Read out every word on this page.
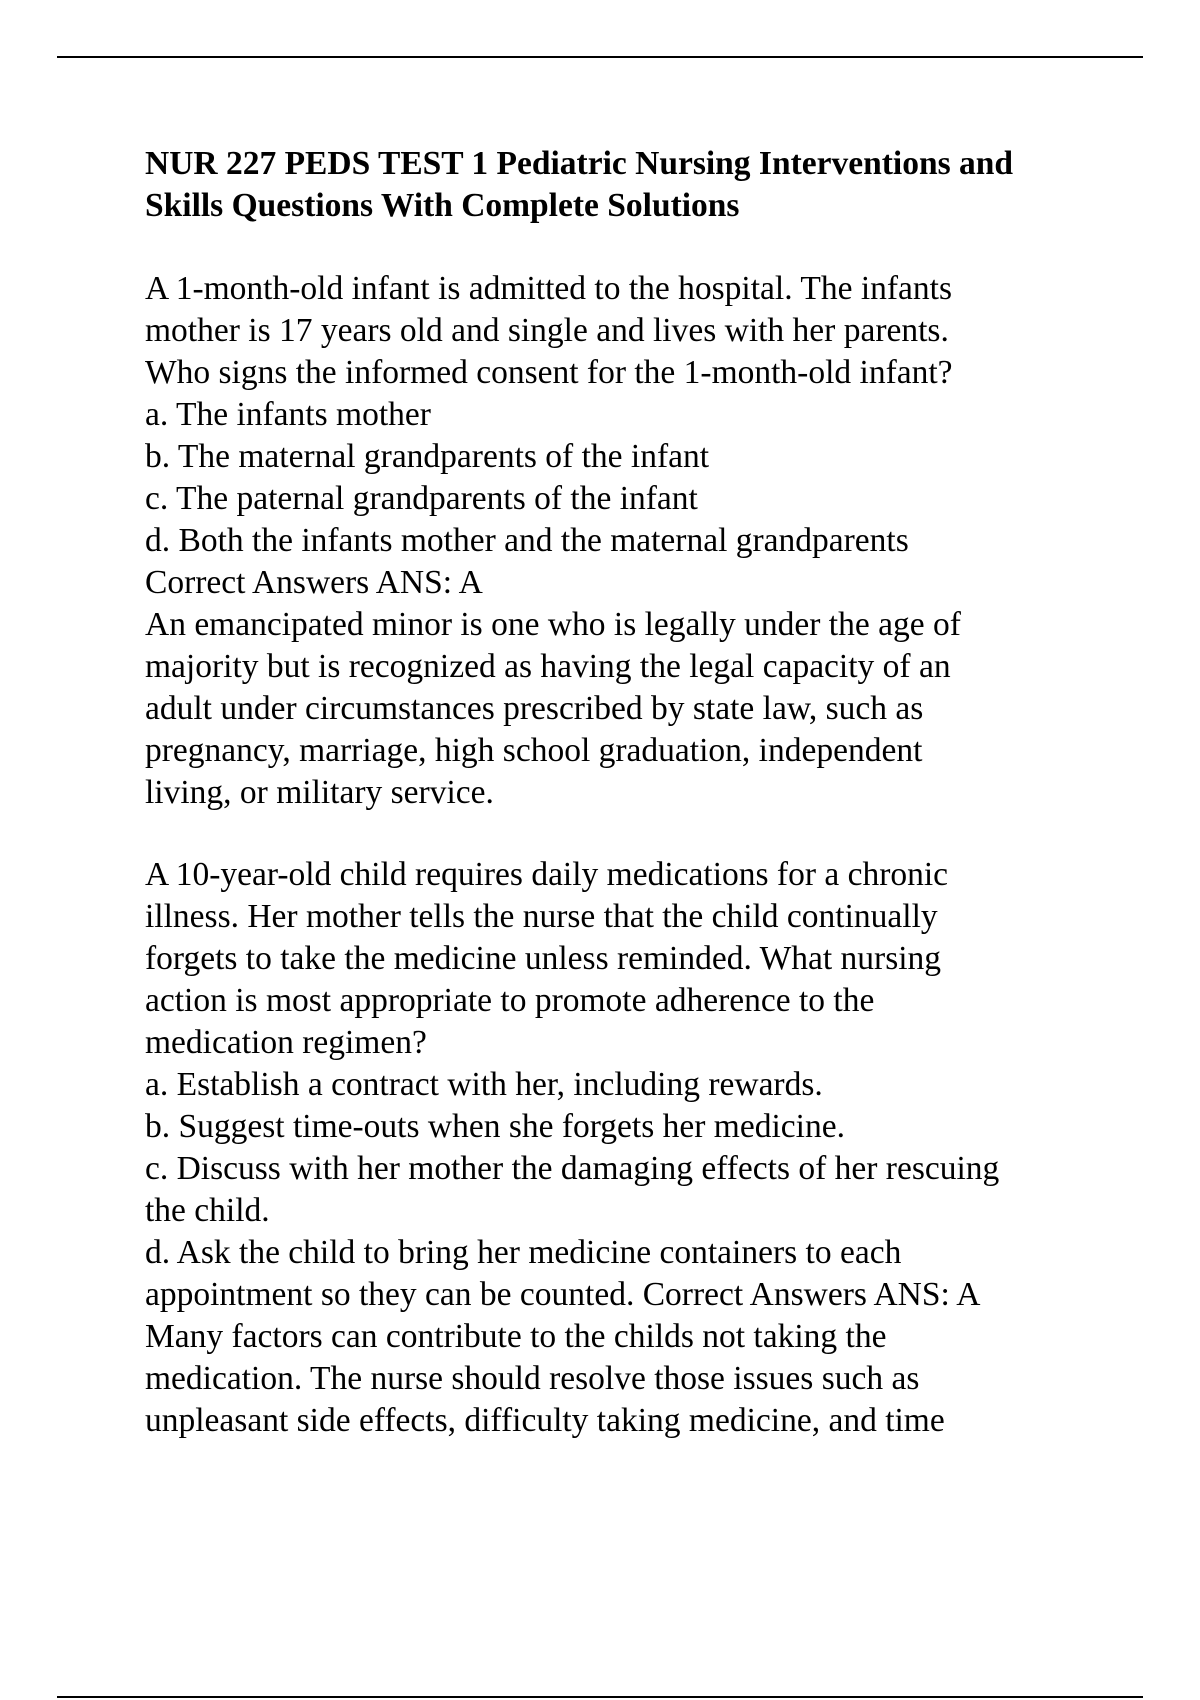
NUR 227 PEDS TEST 1 Pediatric Nursing Interventions and
Skills Questions With Complete Solutions
A 1-month-old infant is admitted to the hospital. The infants
mother is 17 years old and single and lives with her parents.
Who signs the informed consent for the 1-month-old infant?
a. The infants mother
b. The maternal grandparents of the infant
c. The paternal grandparents of the infant
d. Both the infants mother and the maternal grandparents
Correct Answers ANS: A
An emancipated minor is one who is legally under the age of
majority but is recognized as having the legal capacity of an
adult under circumstances prescribed by state law, such as
pregnancy, marriage, high school graduation, independent
living, or military service.
A 10-year-old child requires daily medications for a chronic
illness. Her mother tells the nurse that the child continually
forgets to take the medicine unless reminded. What nursing
action is most appropriate to promote adherence to the
medication regimen?
a. Establish a contract with her, including rewards.
b. Suggest time-outs when she forgets her medicine.
c. Discuss with her mother the damaging effects of her rescuing
the child.
d. Ask the child to bring her medicine containers to each
appointment so they can be counted. Correct Answers ANS: A
Many factors can contribute to the childs not taking the
medication. The nurse should resolve those issues such as
unpleasant side effects, difficulty taking medicine, and time
